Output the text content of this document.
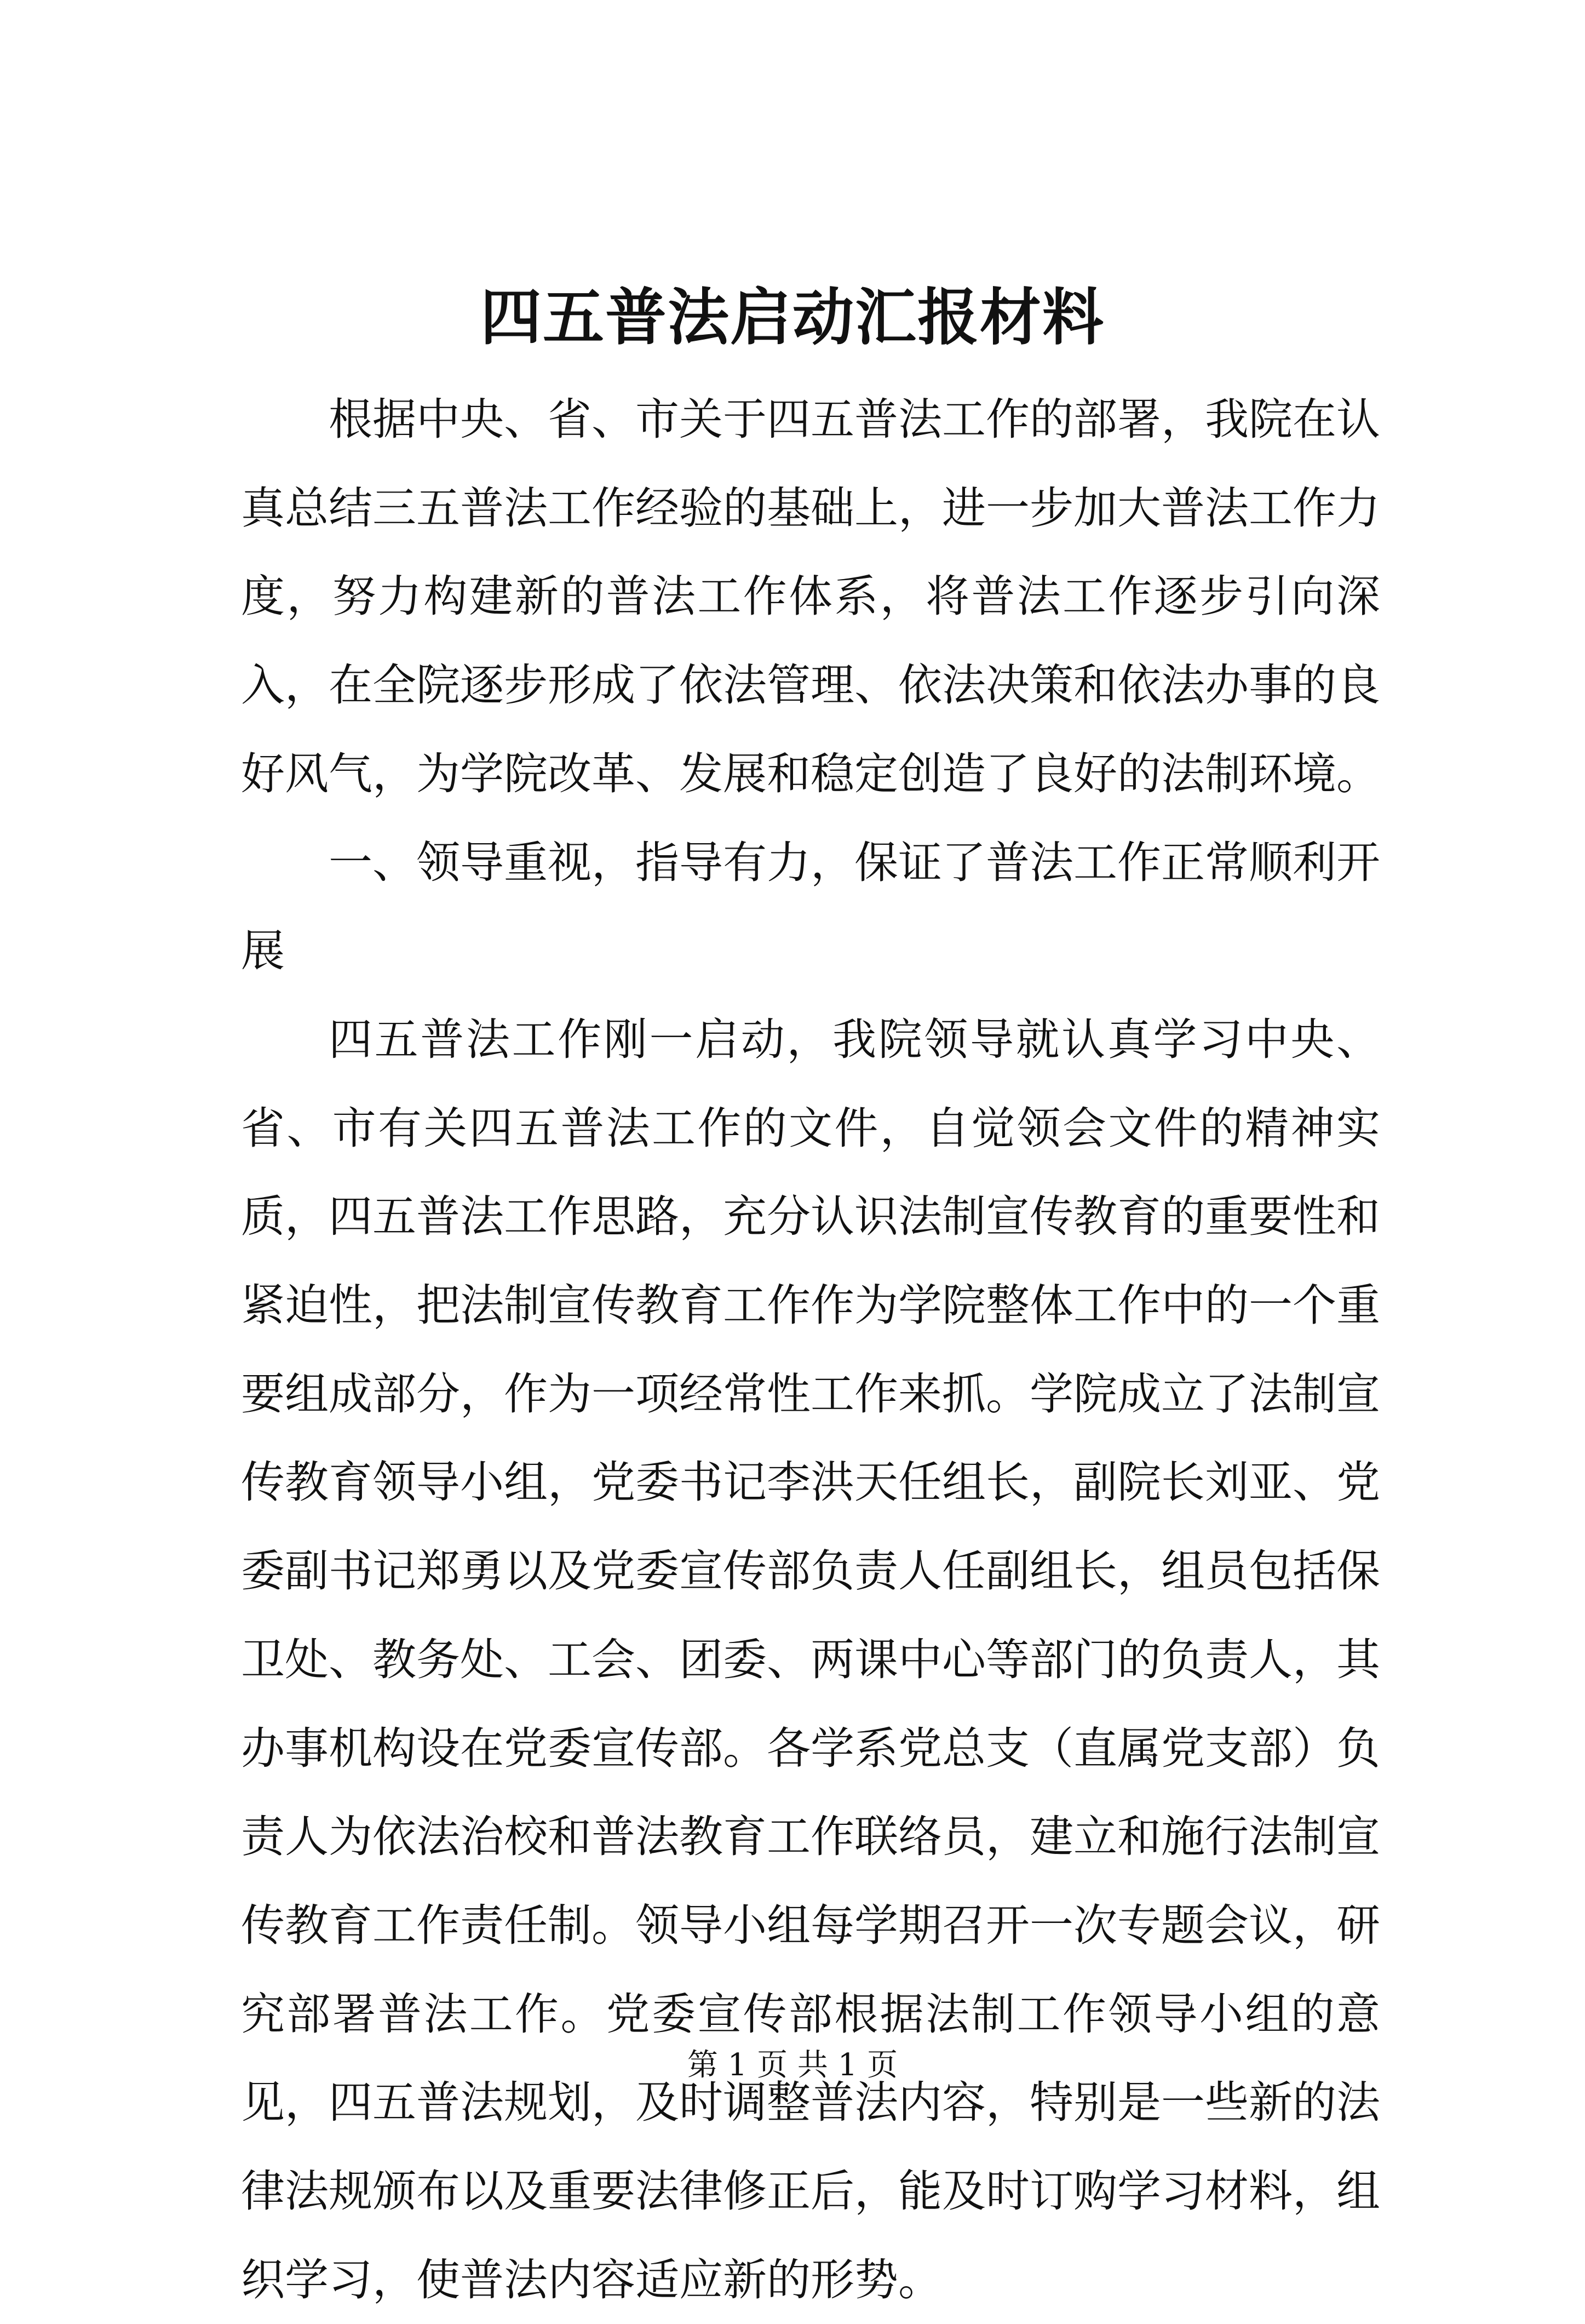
四五普法启动汇报材料

根据中央、省、市关于四五普法工作的部署，我院在认真总结三五普法工作经验的基础上，进一步加大普法工作力度，努力构建新的普法工作体系，将普法工作逐步引向深入，在全院逐步形成了依法管理、依法决策和依法办事的良好风气，为学院改革、发展和稳定创造了良好的法制环境。

一、领导重视，指导有力，保证了普法工作正常顺利开展

四五普法工作刚一启动，我院领导就认真学习中央、省、市有关四五普法工作的文件，自觉领会文件的精神实质，四五普法工作思路，充分认识法制宣传教育的重要性和紧迫性，把法制宣传教育工作作为学院整体工作中的一个重要组成部分，作为一项经常性工作来抓。学院成立了法制宣传教育领导小组，党委书记李洪天任组长，副院长刘亚、党委副书记郑勇以及党委宣传部负责人任副组长，组员包括保卫处、教务处、工会、团委、两课中心等部门的负责人，其办事机构设在党委宣传部。各学系党总支（直属党支部）负责人为依法治校和普法教育工作联络员，建立和施行法制宣传教育工作责任制。领导小组每学期召开一次专题会议，研究部署普法工作。党委宣传部根据法制工作领导小组的意见，四五普法规划，及时调整普法内容，特别是一些新的法律法规颁布以及重要法律修正后，能及时订购学习材料，组织学习，使普法内容适应新的形势。

第 1 页 共 1 页
